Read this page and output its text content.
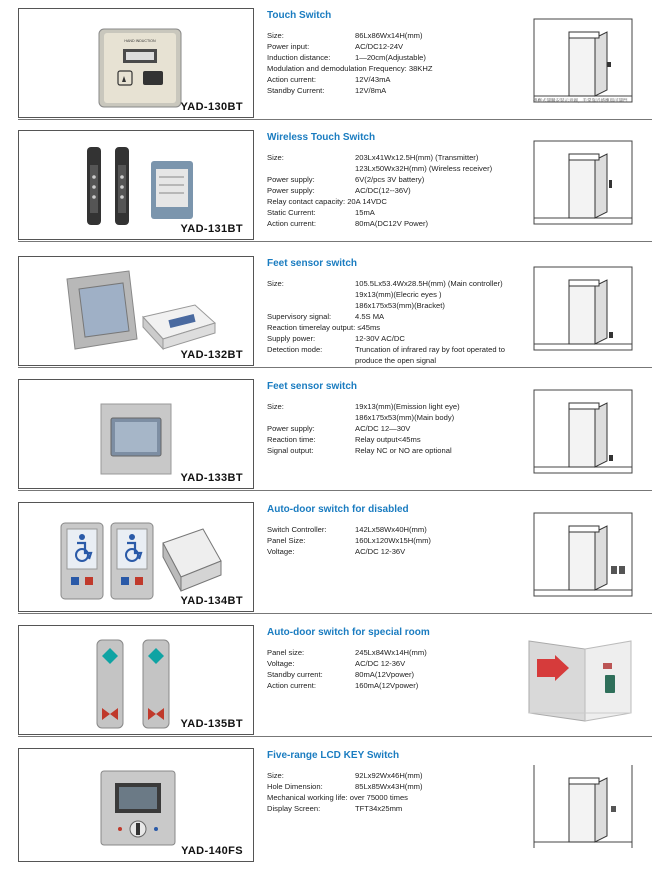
HAND INDUCTION
YAD-130BT
Touch Switch
Size:	86Lx86Wx14H(mm)
Power input:	AC/DC12-24V
Induction distance:	1—20cm(Adjustable)
Modulation and demodulation Frequency: 38KHZ
Action current:	12V/43mA
Standby Current:	12V/8mA
感應式開關安裝示意圖，手掌靠近感應即可開門
YAD-131BT
Wireless Touch Switch
Size:	203Lx41Wx12.5H(mm) (Transmitter)
123Lx50Wx32H(mm) (Wireless receiver)
Power supply:	6V(2/pcs 3V battery)
Power supply:	AC/DC(12--36V)
Relay contact capacity: 20A 14VDC
Static Current:	15mA
Action current:	80mA(DC12V Power)
YAD-132BT
Feet sensor switch
Size:	105.5Lx53.4Wx28.5H(mm) (Main controller)
19x13(mm)(Elecric eyes )
186x175x53(mm)(Bracket)
Supervisory signal:	4.5S MA
Reaction timerelay output: ≤45ms
Supply power:	12-30V AC/DC
Detection mode:	Truncation of infrared ray by foot operated to
produce the open signal
YAD-133BT
Feet sensor switch
Size:	19x13(mm)(Emission light eye)
186x175x53(mm)(Main body)
Power supply:	AC/DC 12—30V
Reaction time:	Relay output<45ms
Signal output:	Relay NC or NO are optional
YAD-134BT
Auto-door switch for disabled
Switch Controller:	142Lx58Wx40H(mm)
Panel Size:	160Lx120Wx15H(mm)
Voltage:	AC/DC 12-36V
YAD-135BT
Auto-door switch for special room
Panel size:	245Lx84Wx14H(mm)
Voltage:	AC/DC 12-36V
Standby current:	80mA(12Vpower)
Action current:	160mA(12Vpower)
YAD-140FS
Five-range LCD KEY Switch
Size:	92Lx92Wx46H(mm)
Hole Dimension:	85Lx85Wx43H(mm)
Mechanical working life: over 75000 times
Display Screen:	TFT34x25mm
